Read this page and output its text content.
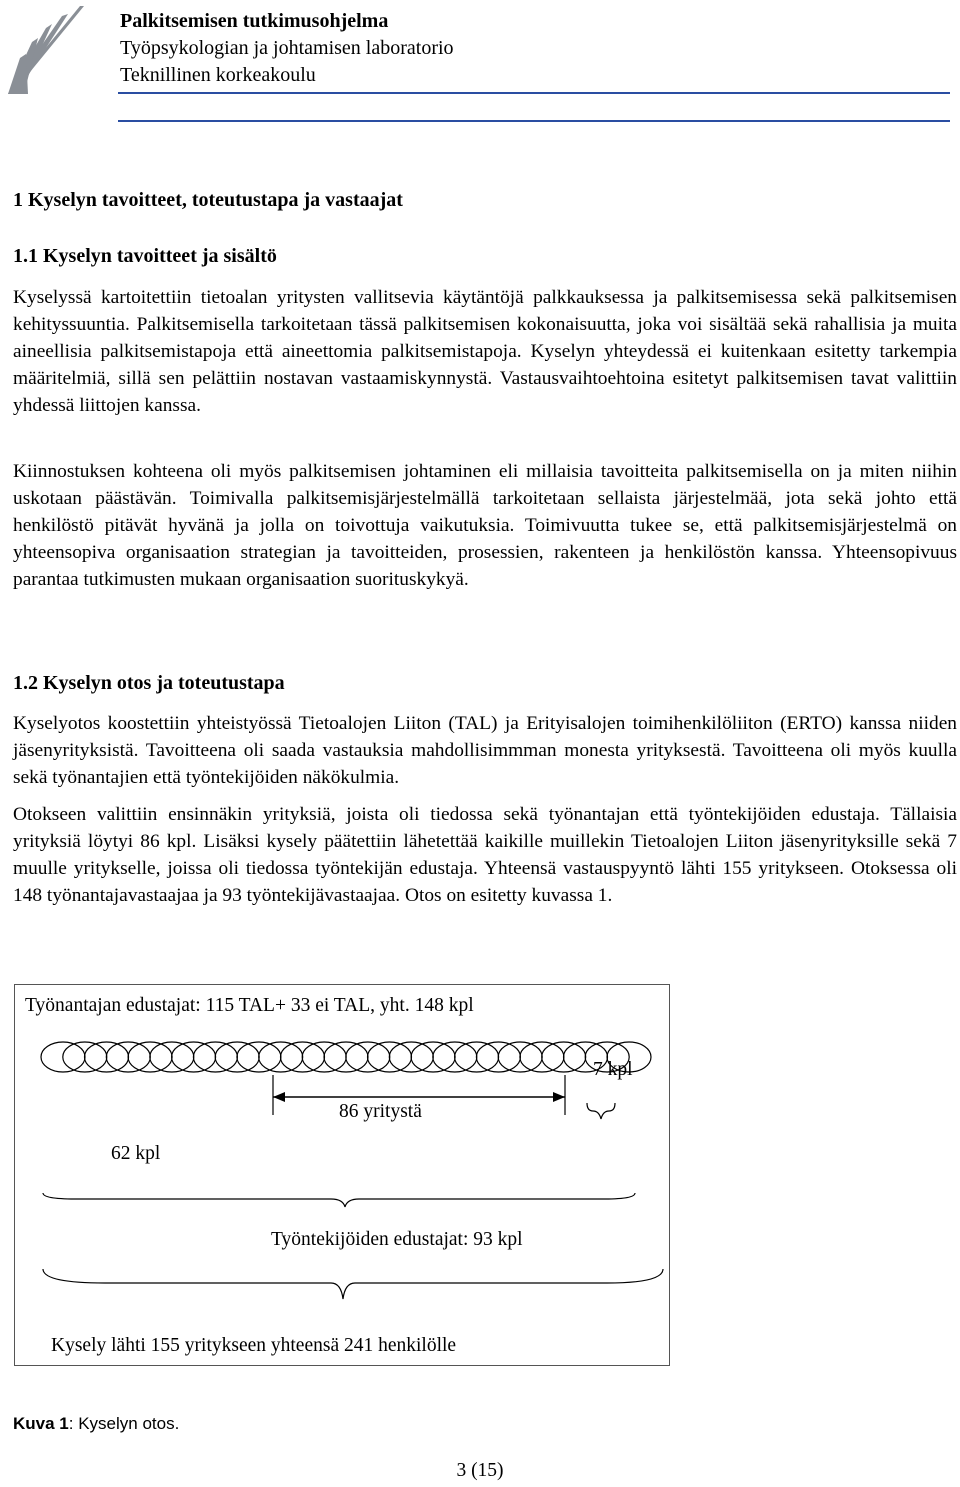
Palkitsemisen tutkimusohjelma
Työpsykologian ja johtamisen laboratorio
Teknillinen korkeakoulu
1 Kyselyn tavoitteet, toteutustapa ja vastaajat
1.1 Kyselyn tavoitteet ja sisältö

Kyselyssä kartoitettiin tietoalan yritysten vallitsevia käytäntöjä palkkauksessa ja palkitsemisessa sekä palkitsemisen kehityssuuntia. Palkitsemisella tarkoitetaan tässä palkitsemisen kokonaisuutta, joka voi sisältää sekä rahallisia ja muita aineellisia palkitsemistapoja että aineettomia palkitsemistapoja. Kyselyn yhteydessä ei kuitenkaan esitetty tarkempia määritelmiä, sillä sen pelättiin nostavan vastaamiskynnystä. Vastausvaihtoehtoina esitetyt palkitsemisen tavat valittiin yhdessä liittojen kanssa.

Kiinnostuksen kohteena oli myös palkitsemisen johtaminen eli millaisia tavoitteita palkitsemisella on ja miten niihin uskotaan päästävän. Toimivalla palkitsemisjärjestelmällä tarkoitetaan sellaista järjestelmää, jota sekä johto että henkilöstö pitävät hyvänä ja jolla on toivottuja vaikutuksia. Toimivuutta tukee se, että palkitsemisjärjestelmä on yhteensopiva organisaation strategian ja tavoitteiden, prosessien, rakenteen ja henkilöstön kanssa. Yhteensopivuus parantaa tutkimusten mukaan organisaation suorituskykyä.

1.2 Kyselyn otos ja toteutustapa

Kyselyotos koostettiin yhteistyössä Tietoalojen Liiton (TAL) ja Erityisalojen toimihenkilöliiton (ERTO) kanssa niiden jäsenyrityksistä. Tavoitteena oli saada vastauksia mahdollisimmman monesta yrityksestä. Tavoitteena oli myös kuulla sekä työnantajien että työntekijöiden näkökulmia.

Otokseen valittiin ensinnäkin yrityksiä, joista oli tiedossa sekä työnantajan että työntekijöiden edustaja. Tällaisia yrityksiä löytyi 86 kpl. Lisäksi kysely päätettiin lähetettää kaikille muillekin Tietoalojen Liiton jäsenyrityksille sekä 7 muulle yritykselle, joissa oli tiedossa työntekijän edustaja. Yhteensä vastauspyyntö lähti 155 yritykseen. Otoksessa oli 148 työnantajavastaajaa ja 93 työntekijävastaajaa. Otos on esitetty kuvassa 1.

Työnantajan edustajat: 115 TAL+ 33 ei TAL, yht. 148 kpl
7 kpl
86 yritystä
62 kpl
Työntekijöiden edustajat: 93 kpl
Kysely lähti 155 yritykseen yhteensä 241 henkilölle
Kuva 1: Kyselyn otos.
3 (15)
